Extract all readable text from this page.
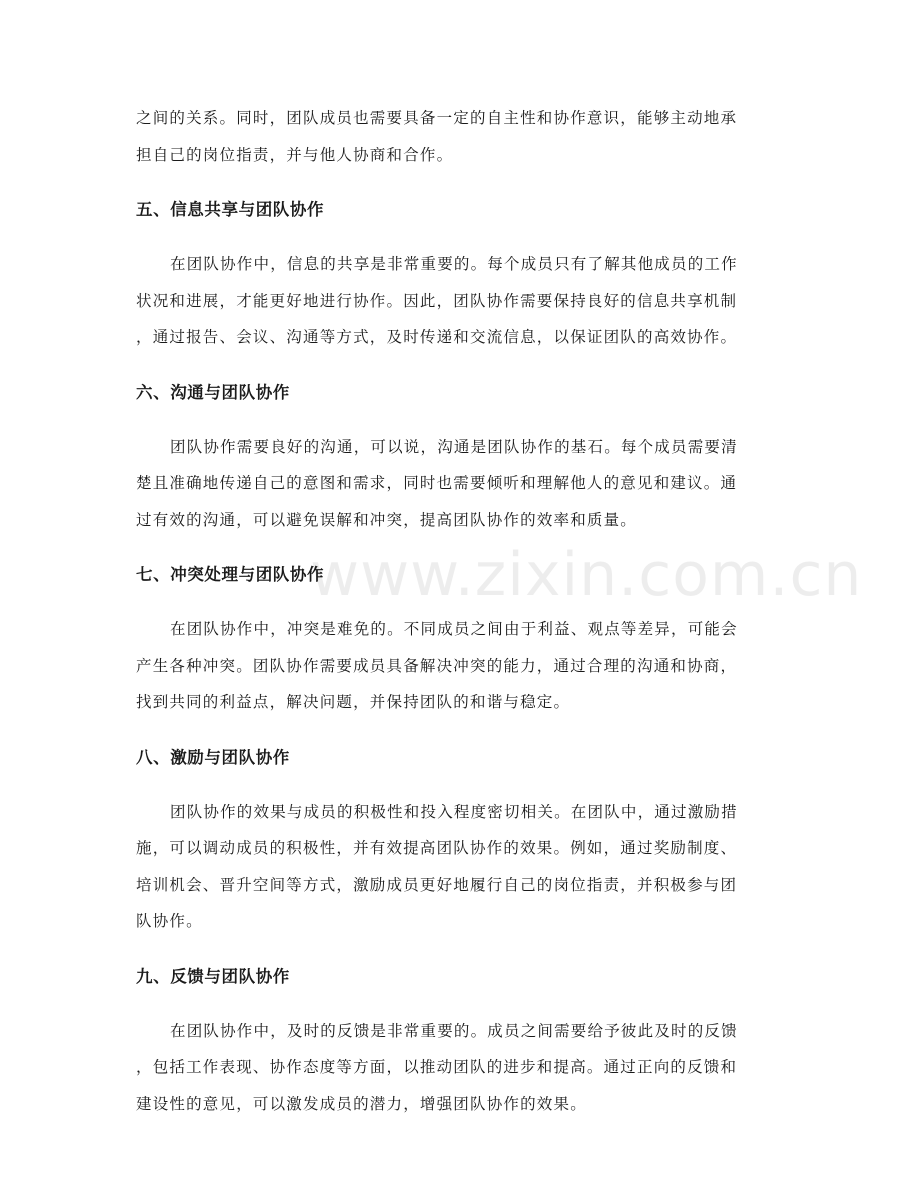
www.zixin.com.cn

之间的关系。同时，团队成员也需要具备一定的自主性和协作意识，能够主动地承
担自己的岗位指责，并与他人协商和合作。

五、信息共享与团队协作

在团队协作中，信息的共享是非常重要的。每个成员只有了解其他成员的工作
状况和进展，才能更好地进行协作。因此，团队协作需要保持良好的信息共享机制
，通过报告、会议、沟通等方式，及时传递和交流信息，以保证团队的高效协作。

六、沟通与团队协作

团队协作需要良好的沟通，可以说，沟通是团队协作的基石。每个成员需要清
楚且准确地传递自己的意图和需求，同时也需要倾听和理解他人的意见和建议。通
过有效的沟通，可以避免误解和冲突，提高团队协作的效率和质量。

七、冲突处理与团队协作

在团队协作中，冲突是难免的。不同成员之间由于利益、观点等差异，可能会
产生各种冲突。团队协作需要成员具备解决冲突的能力，通过合理的沟通和协商，
找到共同的利益点，解决问题，并保持团队的和谐与稳定。

八、激励与团队协作

团队协作的效果与成员的积极性和投入程度密切相关。在团队中，通过激励措
施，可以调动成员的积极性，并有效提高团队协作的效果。例如，通过奖励制度、
培训机会、晋升空间等方式，激励成员更好地履行自己的岗位指责，并积极参与团
队协作。

九、反馈与团队协作

在团队协作中，及时的反馈是非常重要的。成员之间需要给予彼此及时的反馈
，包括工作表现、协作态度等方面，以推动团队的进步和提高。通过正向的反馈和
建设性的意见，可以激发成员的潜力，增强团队协作的效果。
